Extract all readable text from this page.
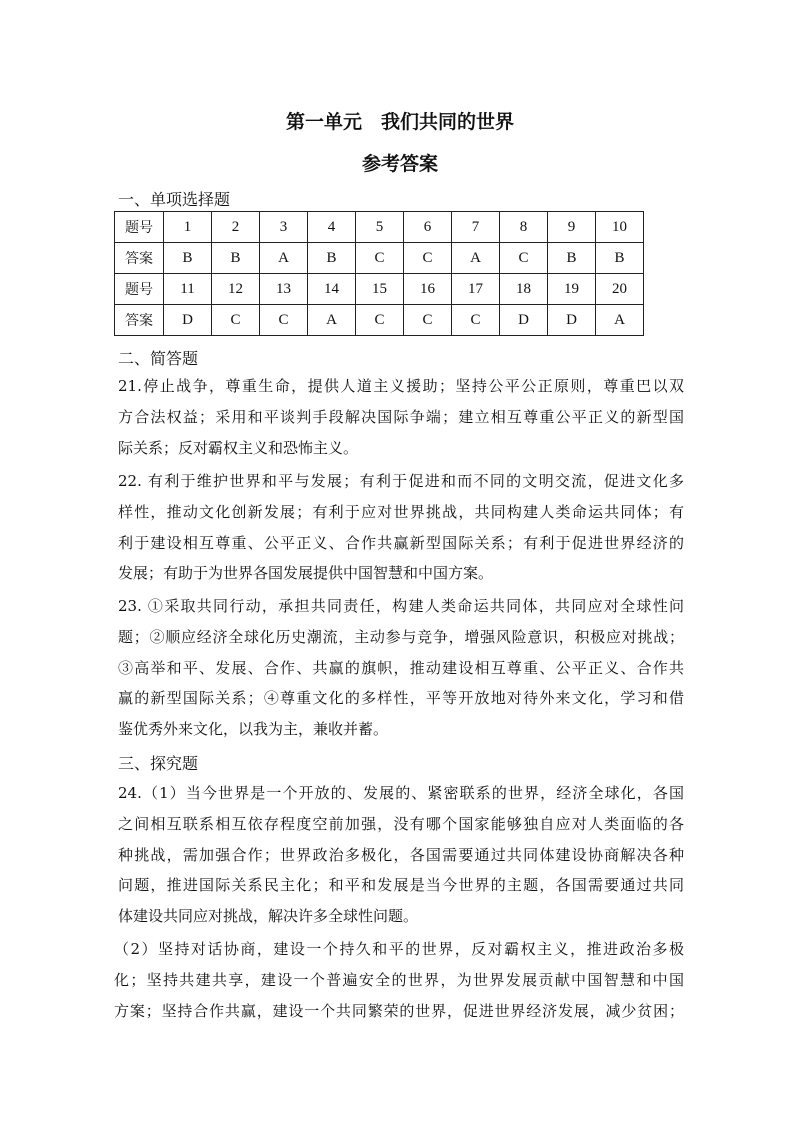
第一单元　我们共同的世界
参考答案
一、单项选择题
题号	1	2	3	4	5	6	7	8	9	10
答案	B	B	A	B	C	C	A	C	B	B
题号	11	12	13	14	15	16	17	18	19	20
答案	D	C	C	A	C	C	C	D	D	A
二、简答题
21.停止战争，尊重生命，提供人道主义援助；坚持公平公正原则，尊重巴以双
方合法权益；采用和平谈判手段解决国际争端；建立相互尊重公平正义的新型国
际关系；反对霸权主义和恐怖主义。
22. 有利于维护世界和平与发展；有利于促进和而不同的文明交流，促进文化多
样性，推动文化创新发展；有利于应对世界挑战，共同构建人类命运共同体；有
利于建设相互尊重、公平正义、合作共赢新型国际关系；有利于促进世界经济的
发展；有助于为世界各国发展提供中国智慧和中国方案。
23. ①采取共同行动，承担共同责任，构建人类命运共同体，共同应对全球性问
题；②顺应经济全球化历史潮流，主动参与竞争，增强风险意识，积极应对挑战；
③高举和平、发展、合作、共赢的旗帜，推动建设相互尊重、公平正义、合作共
赢的新型国际关系；④尊重文化的多样性，平等开放地对待外来文化，学习和借
鉴优秀外来文化，以我为主，兼收并蓄。
三、探究题
24.（1）当今世界是一个开放的、发展的、紧密联系的世界，经济全球化，各国
之间相互联系相互依存程度空前加强，没有哪个国家能够独自应对人类面临的各
种挑战，需加强合作；世界政治多极化，各国需要通过共同体建设协商解决各种
问题，推进国际关系民主化；和平和发展是当今世界的主题，各国需要通过共同
体建设共同应对挑战，解决许多全球性问题。
（2）坚持对话协商，建设一个持久和平的世界，反对霸权主义，推进政治多极
化；坚持共建共享，建设一个普遍安全的世界，为世界发展贡献中国智慧和中国
方案；坚持合作共赢，建设一个共同繁荣的世界，促进世界经济发展，减少贫困；
